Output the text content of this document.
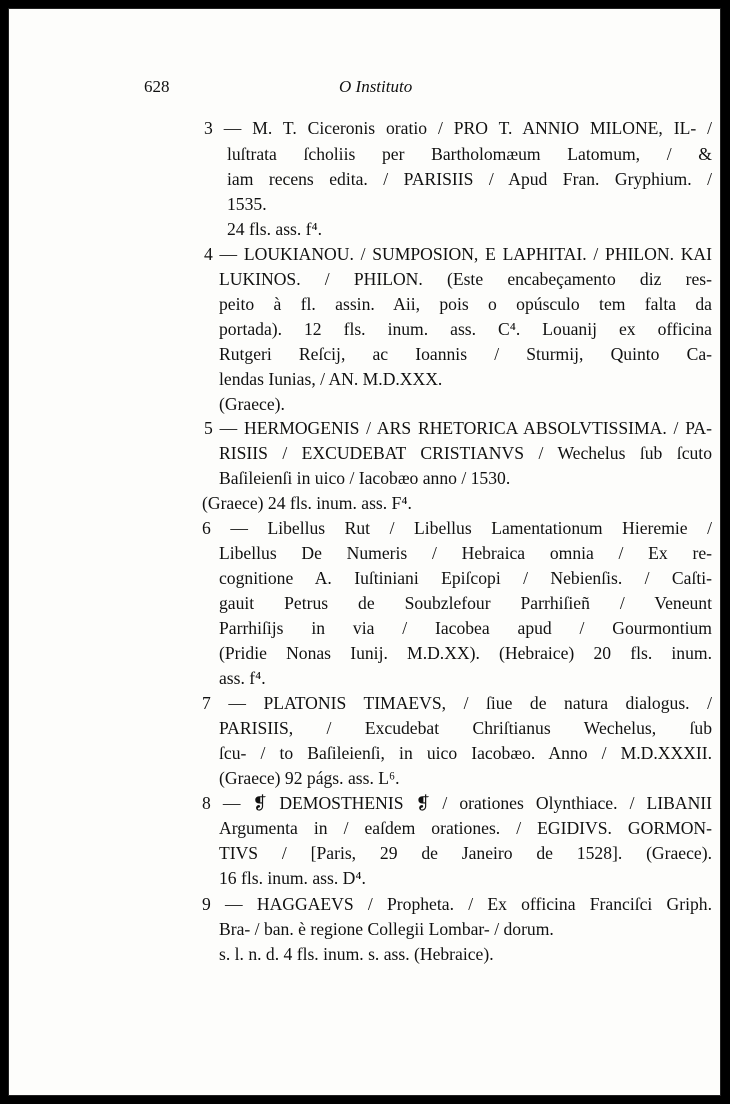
628	O Instituto
3 — M. T. Ciceronis oratio / PRO T. ANNIO MILONE, IL- /
luſtrata ſcholiis per Bartholomæum Latomum, / &
iam recens edita. / PARISIIS / Apud Fran. Gryphium. /
1535.
24 fls. ass. f⁴.
4 — LOUKIANOU. / SUMPOSION, E LAPHITAI. / PHILON. KAI
LUKINOS. / PHILON. (Este encabeçamento diz res-
peito à fl. assin. Aii, pois o opúsculo tem falta da
portada). 12 fls. inum. ass. C⁴. Louanij ex officina
Rutgeri Reſcij, ac Ioannis / Sturmij, Quinto Ca-
lendas Iunias, / AN. M.D.XXX.
(Graece).
5 — HERMOGENIS / ARS RHETORICA ABSOLVTISSIMA. / PA-
RISIIS / EXCUDEBAT CRISTIANVS / Wechelus ſub ſcuto
Baſileienſi in uico / Iacobæo anno / 1530.
(Graece) 24 fls. inum. ass. F⁴.
6 — Libellus Rut / Libellus Lamentationum Hieremie /
Libellus De Numeris / Hebraica omnia / Ex re-
cognitione A. Iuſtiniani Epiſcopi / Nebienſis. / Caſti-
gauit Petrus de Soubzlefour Parrhiſieñ / Veneunt
Parrhiſijs in via / Iacobea apud / Gourmontium
(Pridie Nonas Iunij. M.D.XX). (Hebraice) 20 fls. inum.
ass. f⁴.
7 — PLATONIS TIMAEVS, / ſiue de natura dialogus. /
PARISIIS, / Excudebat Chriſtianus Wechelus, ſub
ſcu- / to Baſileienſi, in uico Iacobæo. Anno / M.D.XXXII.
(Graece) 92 págs. ass. L⁶.
8 — ❡ DEMOSTHENIS ❡ / orationes Olynthiace. / LIBANII
Argumenta in / eaſdem orationes. / EGIDIVS. GORMON-
TIVS / [Paris, 29 de Janeiro de 1528]. (Graece).
16 fls. inum. ass. D⁴.
9 — HAGGAEVS / Propheta. / Ex officina Franciſci Griph.
Bra- / ban. è regione Collegii Lombar- / dorum.
s. l. n. d. 4 fls. inum. s. ass. (Hebraice).
